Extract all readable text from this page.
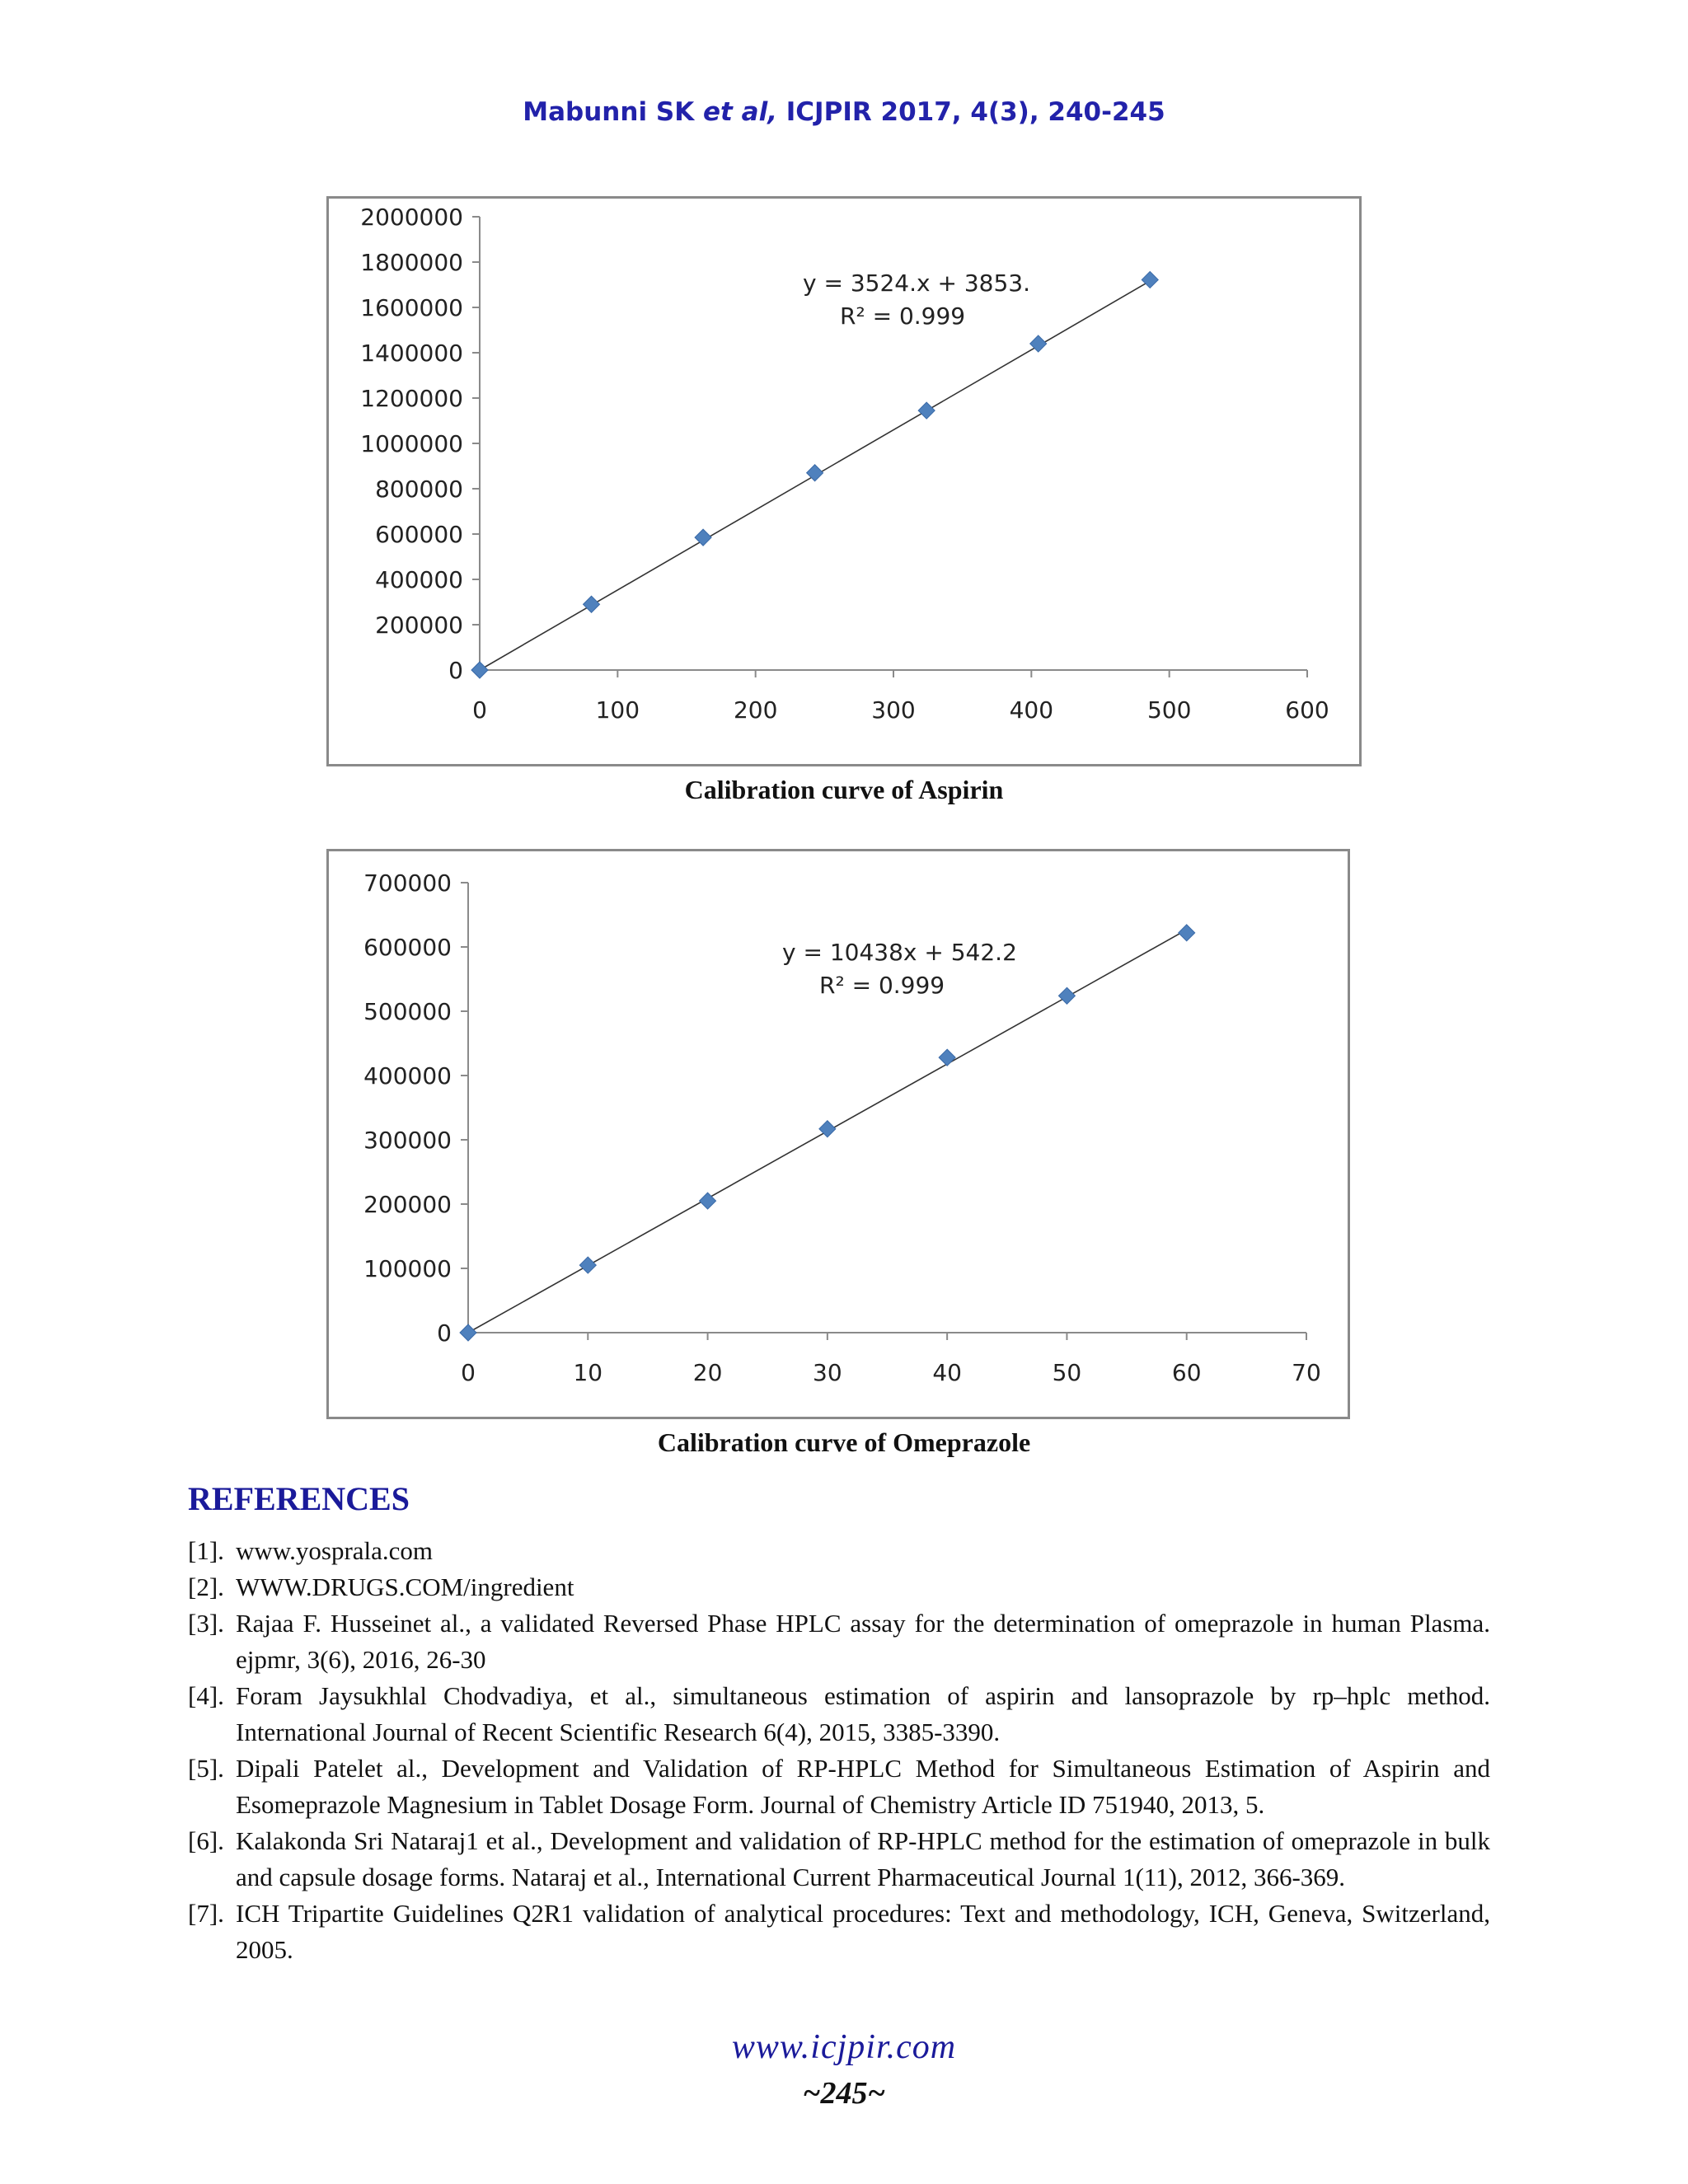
Mabunni SK et al, ICJPIR 2017, 4(3), 240-245
0
200000
400000
600000
800000
1000000
1200000
1400000
1600000
1800000
2000000
0	100	200	300	400	500	600
y = 3524.x + 3853.
R² = 0.999
Calibration curve of Aspirin
0
100000
200000
300000
400000
500000
600000
700000
0	10	20	30	40	50	60	70
y = 10438x + 542.2
R² = 0.999
Calibration curve of Omeprazole
REFERENCES
[1]. www.yosprala.com
[2]. WWW.DRUGS.COM/ingredient
[3]. Rajaa F. Husseinet al., a validated Reversed Phase HPLC assay for the determination of omeprazole in human Plasma. ejpmr, 3(6), 2016, 26-30
[4]. Foram Jaysukhlal Chodvadiya, et al., simultaneous estimation of aspirin and lansoprazole by rp–hplc method. International Journal of Recent Scientific Research 6(4), 2015, 3385-3390.
[5]. Dipali Patelet al., Development and Validation of RP-HPLC Method for Simultaneous Estimation of Aspirin and Esomeprazole Magnesium in Tablet Dosage Form. Journal of Chemistry Article ID 751940, 2013, 5.
[6]. Kalakonda Sri Nataraj1 et al., Development and validation of RP-HPLC method for the estimation of omeprazole in bulk and capsule dosage forms. Nataraj et al., International Current Pharmaceutical Journal 1(11), 2012, 366-369.
[7]. ICH Tripartite Guidelines Q2R1 validation of analytical procedures: Text and methodology, ICH, Geneva, Switzerland, 2005.
www.icjpir.com
~245~
